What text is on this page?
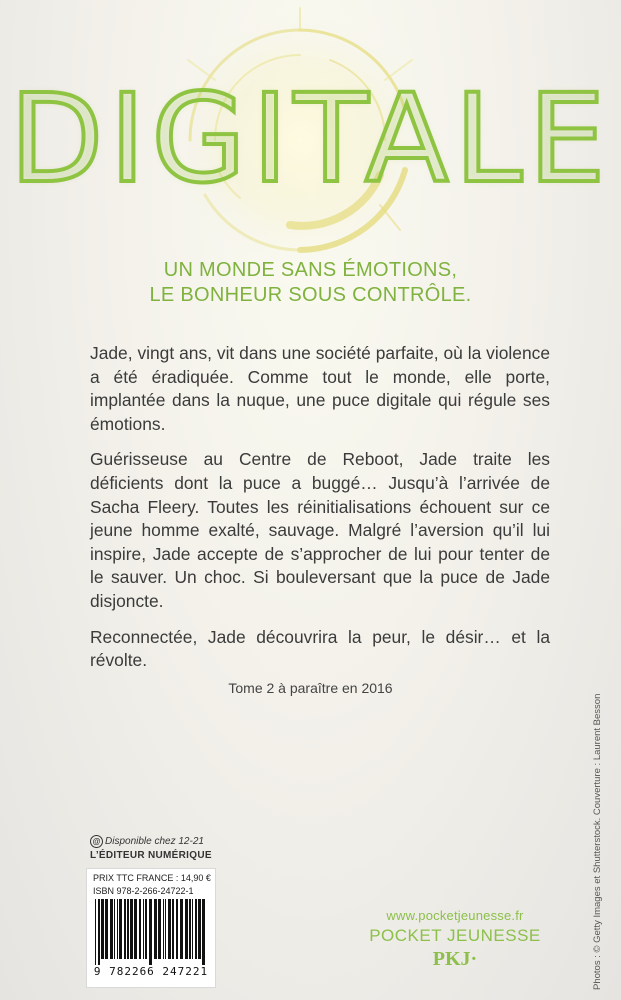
DIGITALE
UN MONDE SANS ÉMOTIONS,
LE BONHEUR SOUS CONTRÔLE.

Jade, vingt ans, vit dans une société parfaite, où la violence a été éradiquée. Comme tout le monde, elle porte, implantée dans la nuque, une puce digitale qui régule ses émotions.

Guérisseuse au Centre de Reboot, Jade traite les déficients dont la puce a buggé… Jusqu’à l’arrivée de Sacha Fleery. Toutes les réinitialisations échouent sur ce jeune homme exalté, sauvage. Malgré l’aversion qu’il lui inspire, Jade accepte de s’approcher de lui pour tenter de le sauver. Un choc. Si bouleversant que la puce de Jade disjoncte.

Reconnectée, Jade découvrira la peur, le désir… et la révolte.

Tome 2 à paraître en 2016
Photos : © Getty Images et Shutterstock. Couverture : Laurent Besson
@ Disponible chez 12-21
L’ÉDITEUR NUMÉRIQUE
PRIX TTC FRANCE : 14,90 €
ISBN 978-2-266-24722-1
9 782266 247221
www.pocketjeunesse.fr
POCKET JEUNESSE
PKJ·
